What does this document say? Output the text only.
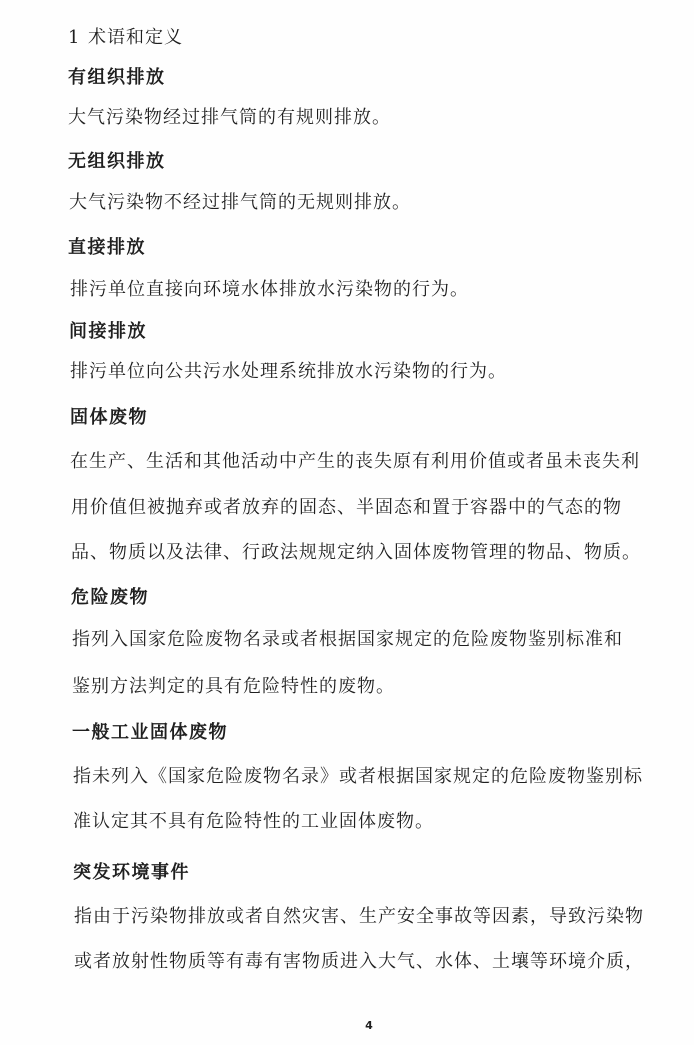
1 术语和定义
有组织排放
大气污染物经过排气筒的有规则排放。
无组织排放
大气污染物不经过排气筒的无规则排放。
直接排放
排污单位直接向环境水体排放水污染物的行为。
间接排放
排污单位向公共污水处理系统排放水污染物的行为。
固体废物
在生产、生活和其他活动中产生的丧失原有利用价值或者虽未丧失利
用价值但被抛弃或者放弃的固态、半固态和置于容器中的气态的物
品、物质以及法律、行政法规规定纳入固体废物管理的物品、物质。
危险废物
指列入国家危险废物名录或者根据国家规定的危险废物鉴别标准和
鉴别方法判定的具有危险特性的废物。
一般工业固体废物
指未列入《国家危险废物名录》或者根据国家规定的危险废物鉴别标
准认定其不具有危险特性的工业固体废物。
突发环境事件
指由于污染物排放或者自然灾害、生产安全事故等因素，导致污染物
或者放射性物质等有毒有害物质进入大气、水体、土壤等环境介质，
4
